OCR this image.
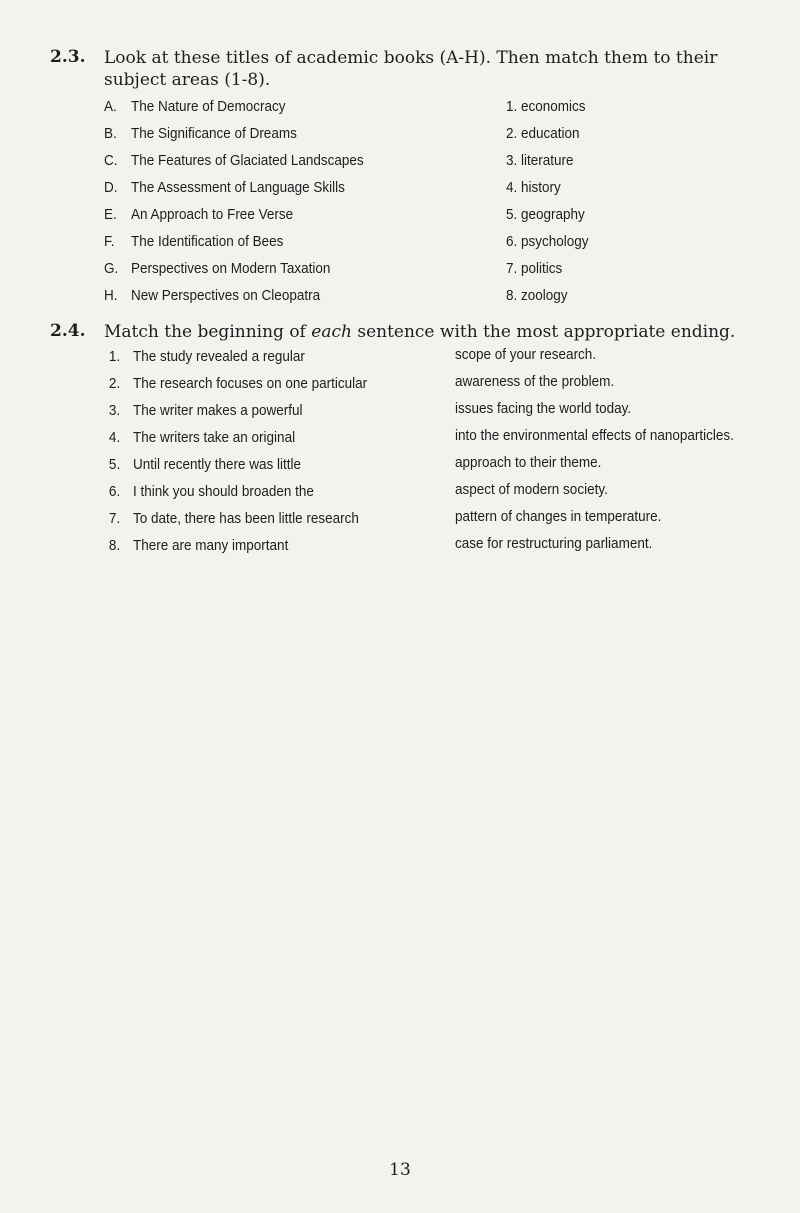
2.3. Look at these titles of academic books (A-H). Then match them to their subject areas (1-8).
A. The Nature of Democracy	1. economics
B. The Significance of Dreams	2. education
C. The Features of Glaciated Landscapes	3. literature
D. The Assessment of Language Skills	4. history
E. An Approach to Free Verse	5. geography
F. The Identification of Bees	6. psychology
G. Perspectives on Modern Taxation	7. politics
H. New Perspectives on Cleopatra	8. zoology
2.4. Match the beginning of each sentence with the most appropriate ending.
1. The study revealed a regular	scope of your research.
2. The research focuses on one particular	awareness of the problem.
3. The writer makes a powerful	issues facing the world today.
4. The writers take an original	into the environmental effects of nanoparticles.
5. Until recently there was little	approach to their theme.
6. I think you should broaden the	aspect of modern society.
7. To date, there has been little research	pattern of changes in temperature.
8. There are many important	case for restructuring parliament.
13
